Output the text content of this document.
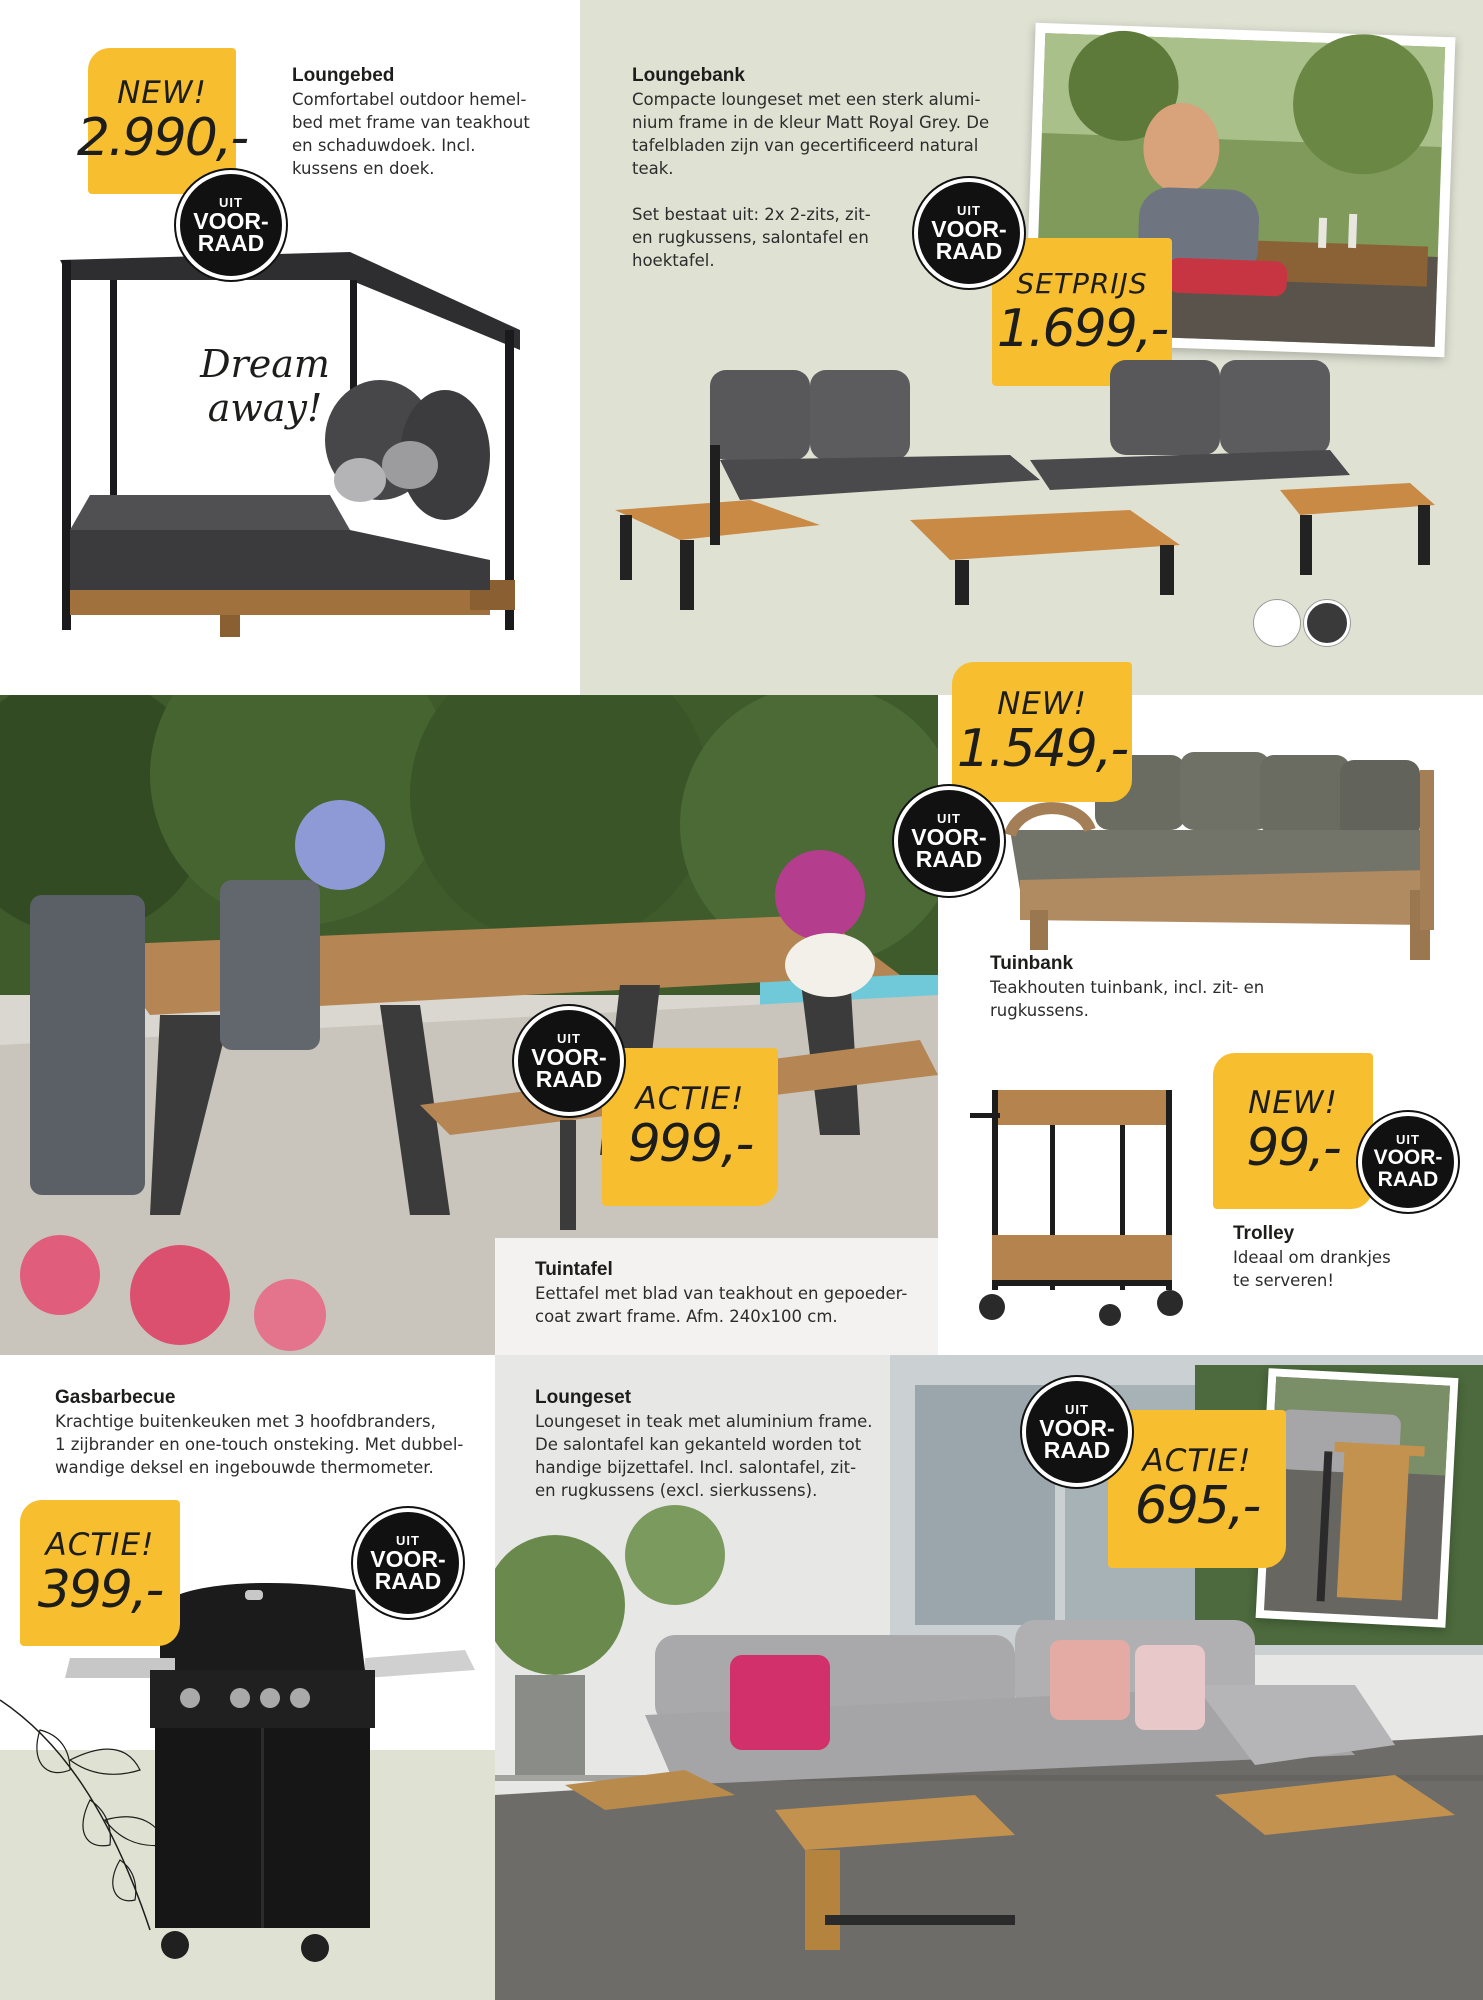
Dream
away!
NEW!
2.990,-
UIT
VOOR-
RAAD
Loungebed
Comfortabel outdoor hemel-
bed met frame van teakhout
en schaduwdoek. Incl.
kussens en doek.
Loungebank
Compacte loungeset met een sterk alumi-
nium frame in de kleur Matt Royal Grey. De
tafelbladen zijn van gecertificeerd natural
teak.
Set bestaat uit: 2x 2-zits, zit-
en rugkussens, salontafel en
hoektafel.
SETPRIJS
1.699,-
UIT
VOOR-
RAAD
Tuintafel
Eettafel met blad van teakhout en gepoeder-
coat zwart frame. Afm. 240x100 cm.
ACTIE!
999,-
UIT
VOOR-
RAAD
Tuinbank
Teakhouten tuinbank, incl. zit- en
rugkussens.
NEW!
1.549,-
UIT
VOOR-
RAAD
Trolley
Ideaal om drankjes
te serveren!
NEW!
99,-	UIT
VOOR-
RAAD
Gasbarbecue
Krachtige buitenkeuken met 3 hoofdbranders,
1 zijbrander en one-touch onsteking. Met dubbel-
wandige deksel en ingebouwde thermometer.
ACTIE!
399,-
UIT
VOOR-
RAAD
Loungeset
Loungeset in teak met aluminium frame.
De salontafel kan gekanteld worden tot
handige bijzettafel. Incl. salontafel, zit-
en rugkussens (excl. sierkussens).
ACTIE!
695,-
UIT
VOOR-
RAAD
